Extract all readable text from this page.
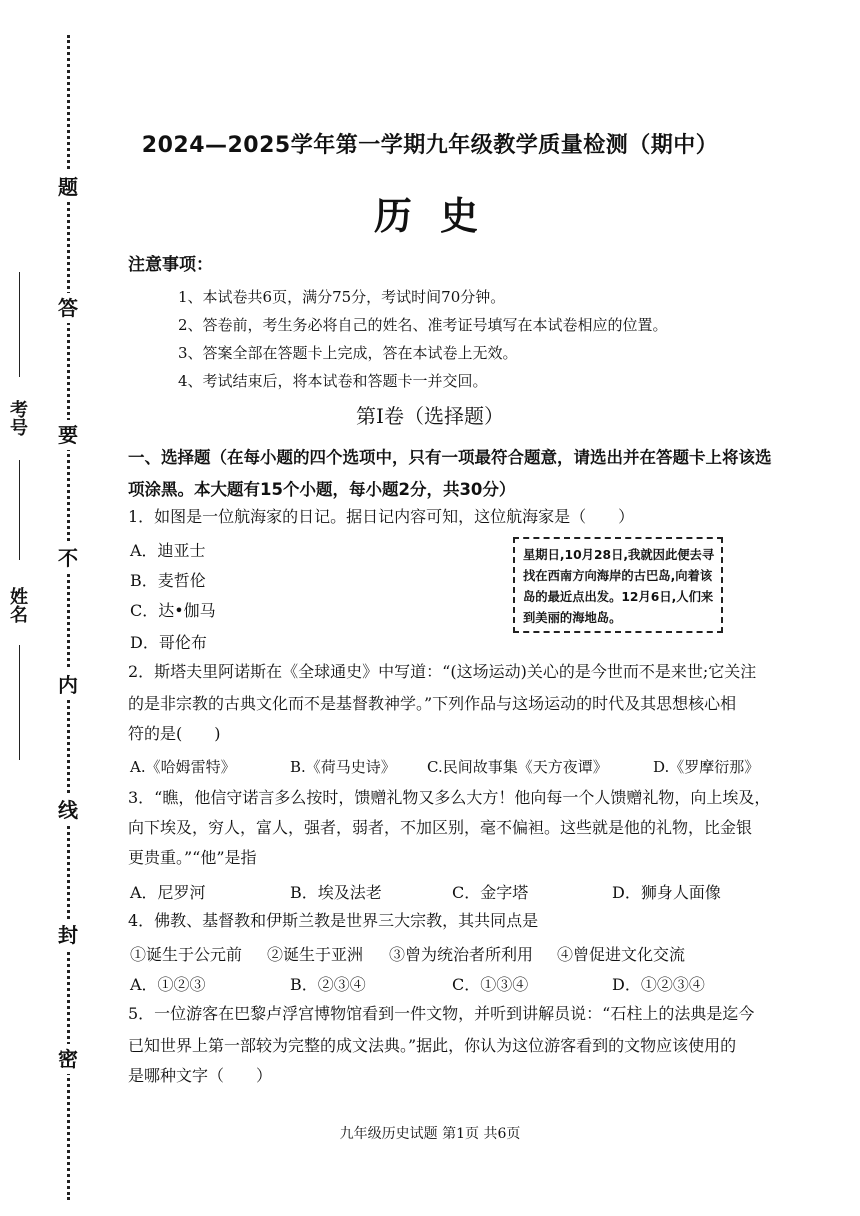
题
答
要
不
内
线
封
密
考号
姓名
2024—2025学年第一学期九年级教学质量检测（期中）
历史
注意事项：
1、本试卷共6页，满分75分，考试时间70分钟。
2、答卷前，考生务必将自己的姓名、准考证号填写在本试卷相应的位置。
3、答案全部在答题卡上完成，答在本试卷上无效。
4、考试结束后，将本试卷和答题卡一并交回。
第Ⅰ卷（选择题）
一、选择题（在每小题的四个选项中，只有一项最符合题意，请选出并在答题卡上将该选
项涂黑。本大题有15个小题，每小题2分，共30分）
1．如图是一位航海家的日记。据日记内容可知，这位航海家是（　　）
A．迪亚士
B．麦哲伦
C．达•伽马
D．哥伦布
星期日,10月28日,我就因此便去寻
找在西南方向海岸的古巴岛,向着该
岛的最近点出发。12月6日,人们来
到美丽的海地岛。
2．斯塔夫里阿诺斯在《全球通史》中写道：“(这场运动)关心的是今世而不是来世;它关注
的是非宗教的古典文化而不是基督教神学。”下列作品与这场运动的时代及其思想核心相
符的是(　　)
A.《哈姆雷特》	B.《荷马史诗》 C.民间故事集《天方夜谭》	D.《罗摩衍那》
3．“瞧，他信守诺言多么按时，馈赠礼物又多么大方！他向每一个人馈赠礼物，向上埃及，
向下埃及，穷人，富人，强者，弱者，不加区别，毫不偏袒。这些就是他的礼物，比金银
更贵重。”“他”是指
A．尼罗河	B．埃及法老	C．金字塔	D．狮身人面像
4．佛教、基督教和伊斯兰教是世界三大宗教，其共同点是
①诞生于公元前 ②诞生于亚洲 ③曾为统治者所利用 ④曾促进文化交流
A．①②③	B．②③④	C．①③④	D．①②③④
5．一位游客在巴黎卢浮宫博物馆看到一件文物，并听到讲解员说：“石柱上的法典是迄今
已知世界上第一部较为完整的成文法典。”据此，你认为这位游客看到的文物应该使用的
是哪种文字（　　）
九年级历史试题 第1页 共6页
